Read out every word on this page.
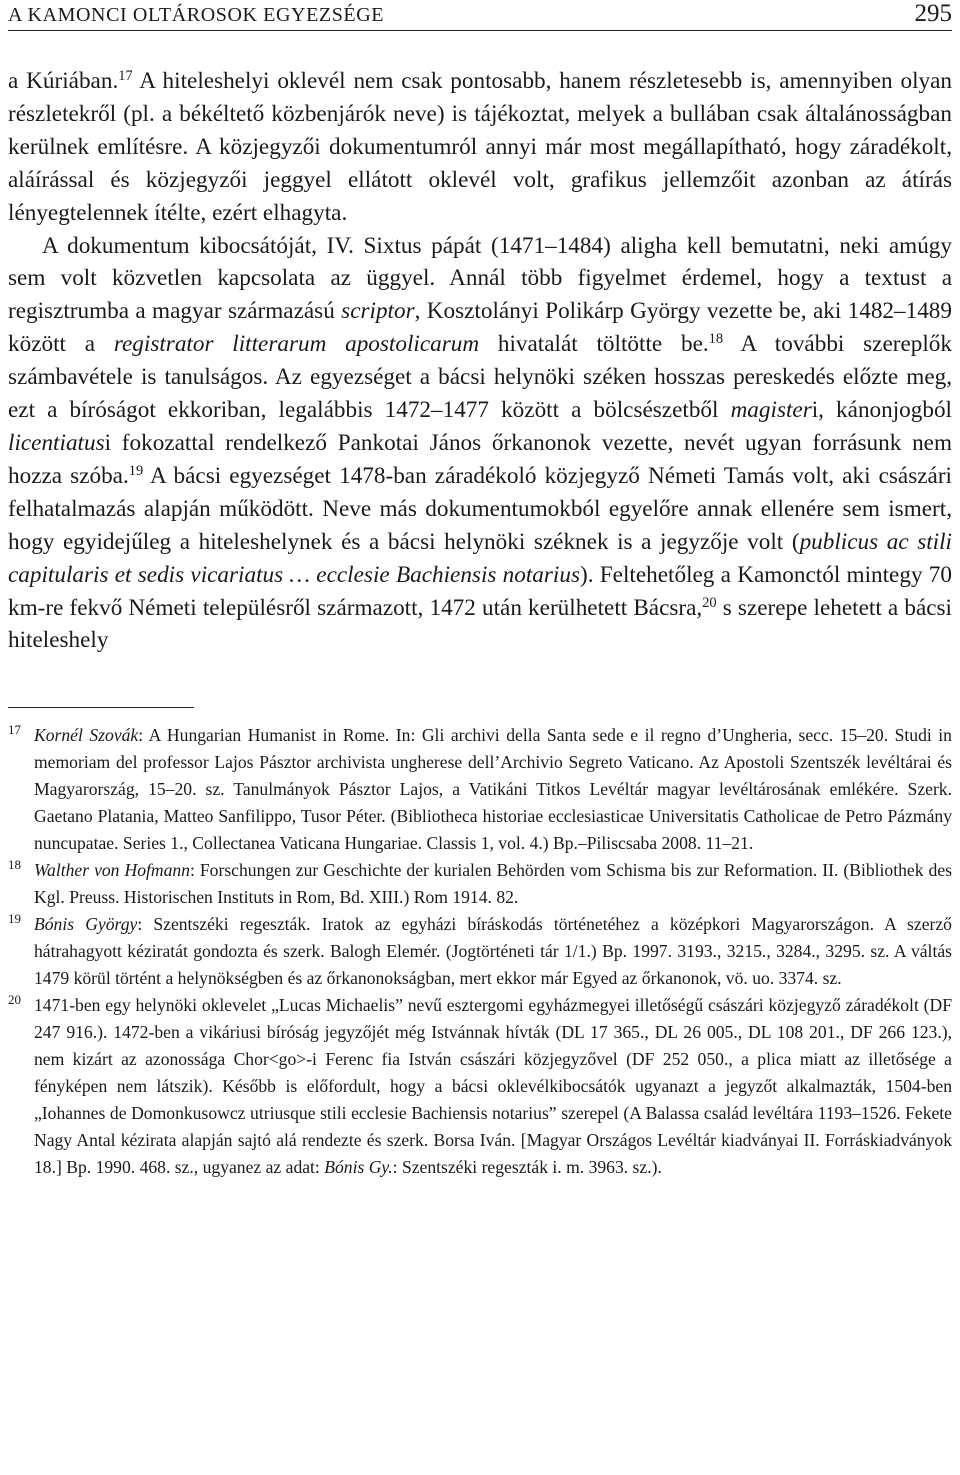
A KAMONCI OLTÁROSOK EGYEZSÉGE	295

a Kúriában.$^{17}$ A hiteleshelyi oklevél nem csak pontosabb, hanem részletesebb is, amennyiben olyan részletekről (pl. a békéltető közbenjárók neve) is tájékoztat, melyek a bullában csak általánosságban kerülnek említésre. A közjegyzői dokumentumról annyi már most megállapítható, hogy záradékolt, aláírással és közjegyzői jeggyel ellátott oklevél volt, grafikus jellemzőit azonban az átírás lényegtelennek ítélte, ezért elhagyta.

A dokumentum kibocsátóját, IV. Sixtus pápát (1471–1484) aligha kell bemutatni, neki amúgy sem volt közvetlen kapcsolata az üggyel. Annál több figyelmet érdemel, hogy a textust a regisztrumba a magyar származású scriptor, Kosztolányi Polikárp György vezette be, aki 1482–1489 között a registrator litterarum apostolicarum hivatalát töltötte be.$^{18}$ A további szereplők számbavétele is tanulságos. Az egyezséget a bácsi helynöki széken hosszas pereskedés előzte meg, ezt a bíróságot ekkoriban, legalábbis 1472–1477 között a bölcsészetből magisteri, kánonjogból licentiatusi fokozattal rendelkező Pankotai János őrkanonok vezette, nevét ugyan forrásunk nem hozza szóba.$^{19}$ A bácsi egyezséget 1478-ban záradékoló közjegyző Németi Tamás volt, aki császári felhatalmazás alapján működött. Neve más dokumentumokból egyelőre annak ellenére sem ismert, hogy egyidejűleg a hiteleshelynek és a bácsi helynöki széknek is a jegyzője volt (publicus ac stili capitularis et sedis vicariatus … ecclesie Bachiensis notarius). Feltehetőleg a Kamonctól mintegy 70 km-re fekvő Németi településről származott, 1472 után kerülhetett Bácsra,$^{20}$ s szerepe lehetett a bácsi hiteleshely

17 Kornél Szovák: A Hungarian Humanist in Rome. In: Gli archivi della Santa sede e il regno d’Ungheria, secc. 15–20. Studi in memoriam del professor Lajos Pásztor archivista ungherese dell’Archivio Segreto Vaticano. Az Apostoli Szentszék levéltárai és Magyarország, 15–20. sz. Tanulmányok Pásztor Lajos, a Vatikáni Titkos Levéltár magyar levéltárosának emlékére. Szerk. Gaetano Platania, Matteo Sanfilippo, Tusor Péter. (Bibliotheca historiae ecclesiasticae Universitatis Catholicae de Petro Pázmány nuncupatae. Series 1., Collectanea Vaticana Hungariae. Classis 1, vol. 4.) Bp.–Piliscsaba 2008. 11–21.

18 Walther von Hofmann: Forschungen zur Geschichte der kurialen Behörden vom Schisma bis zur Reformation. II. (Bibliothek des Kgl. Preuss. Historischen Instituts in Rom, Bd. XIII.) Rom 1914. 82.

19 Bónis György: Szentszéki regeszták. Iratok az egyházi bíráskodás történetéhez a középkori Magyarországon. A szerző hátrahagyott kéziratát gondozta és szerk. Balogh Elemér. (Jogtörténeti tár 1/1.) Bp. 1997. 3193., 3215., 3284., 3295. sz. A váltás 1479 körül történt a helynökségben és az őrkanonokságban, mert ekkor már Egyed az őrkanonok, vö. uo. 3374. sz.

20 1471-ben egy helynöki oklevelet „Lucas Michaelis” nevű esztergomi egyházmegyei illetőségű császári közjegyző záradékolt (DF 247 916.). 1472-ben a vikáriusi bíróság jegyzőjét még Istvánnak hívták (DL 17 365., DL 26 005., DL 108 201., DF 266 123.), nem kizárt az azonossága Chor<go>-i Ferenc fia István császári közjegyzővel (DF 252 050., a plica miatt az illetősége a fényképen nem látszik). Később is előfordult, hogy a bácsi oklevélkibocsátók ugyanazt a jegyzőt alkalmazták, 1504-ben „Iohannes de Domonkusowcz utriusque stili ecclesie Bachiensis notarius” szerepel (A Balassa család levéltára 1193–1526. Fekete Nagy Antal kézirata alapján sajtó alá rendezte és szerk. Borsa Iván. [Magyar Országos Levéltár kiadványai II. Forráskiadványok 18.] Bp. 1990. 468. sz., ugyanez az adat: Bónis Gy.: Szentszéki regeszták i. m. 3963. sz.).
